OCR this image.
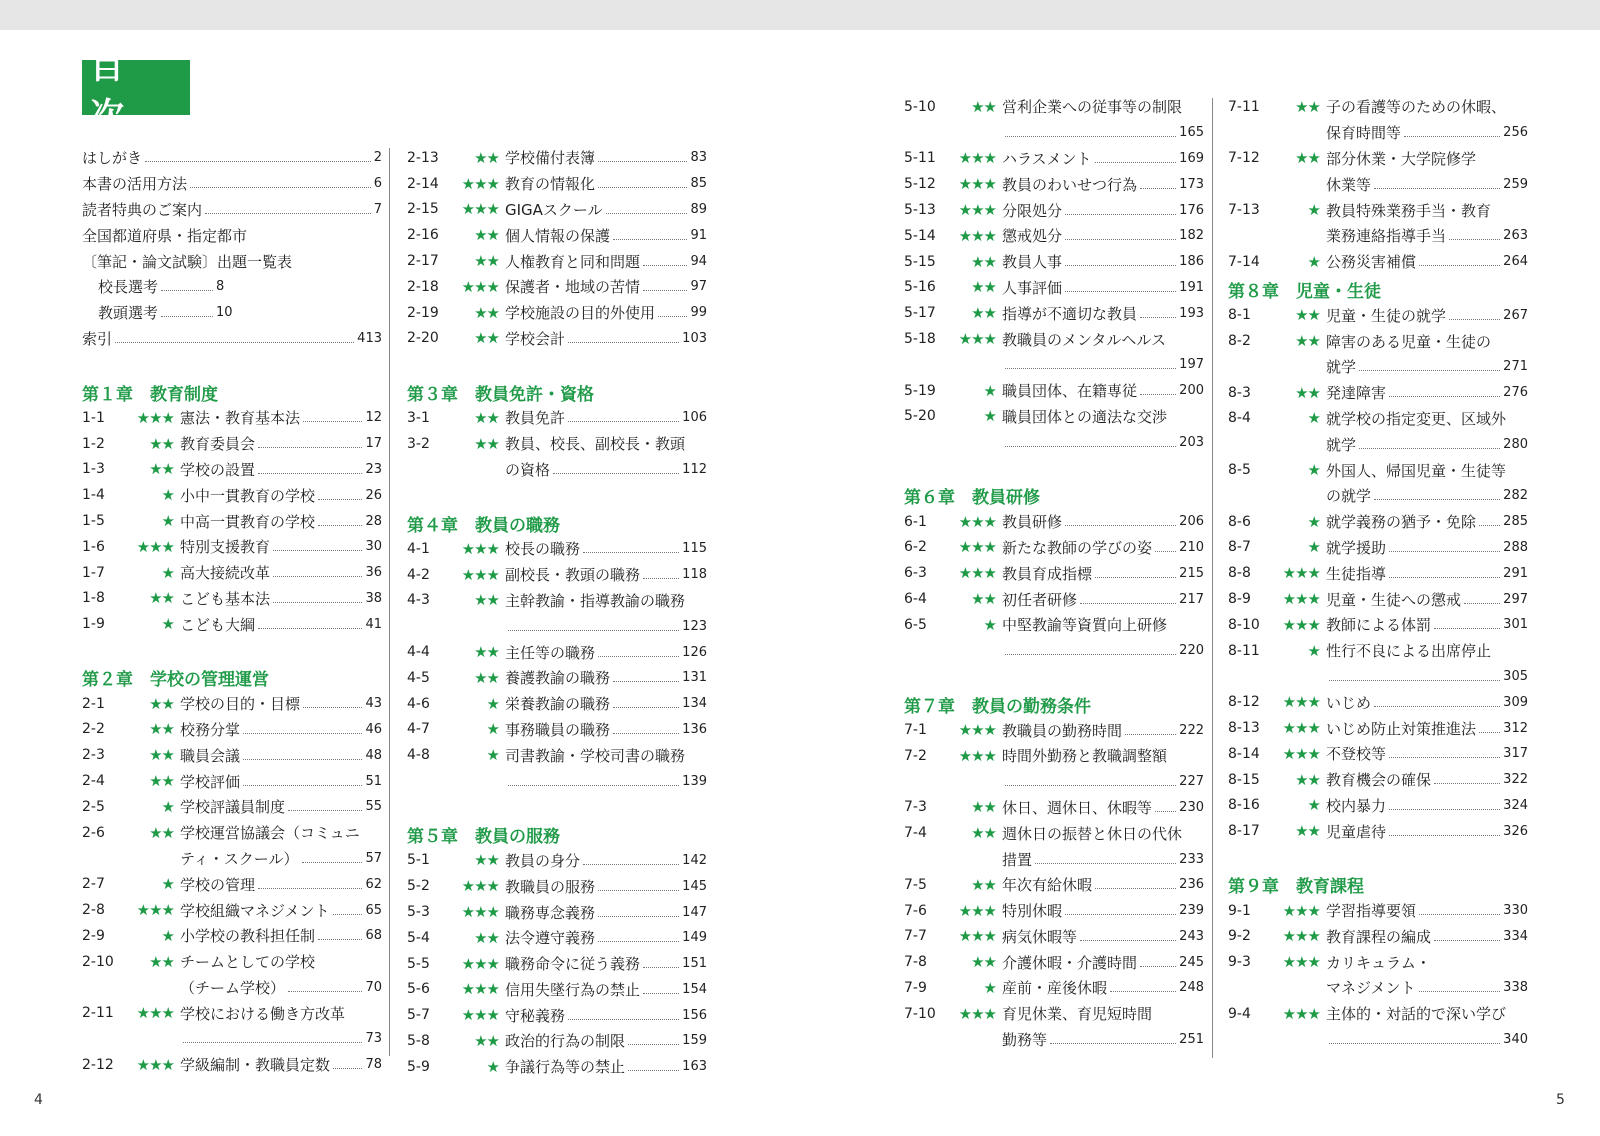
目 次
はしがき	2
本書の活用方法	6
読者特典のご案内	7
全国都道府県・指定都市
〔筆記・論文試験〕出題一覧表
校長選考	8
教頭選考	10
索引	413
第１章　教育制度
1-1	★★★ 憲法・教育基本法	12
1-2	★★ 教育委員会	17
1-3	★★ 学校の設置	23
1-4	★ 小中一貫教育の学校	26
1-5	★ 中高一貫教育の学校	28
1-6	★★★ 特別支援教育	30
1-7	★ 高大接続改革	36
1-8	★★ こども基本法	38
1-9	★ こども大綱	41
第２章　学校の管理運営
2-1	★★ 学校の目的・目標	43
2-2	★★ 校務分掌	46
2-3	★★ 職員会議	48
2-4	★★ 学校評価	51
2-5	★ 学校評議員制度	55
2-6	★★ 学校運営協議会（コミュニ
ティ・スクール）	57
2-7	★ 学校の管理	62
2-8	★★★ 学校組織マネジメント	65
2-9	★ 小学校の教科担任制	68
2-10	★★ チームとしての学校
（チーム学校）	70
2-11	★★★ 学校における働き方改革
73
2-12	★★★ 学級編制・教職員定数	78
2-13	★★ 学校備付表簿	83
2-14	★★★ 教育の情報化	85
2-15	★★★ GIGAスクール	89
2-16	★★ 個人情報の保護	91
2-17	★★ 人権教育と同和問題	94
2-18	★★★ 保護者・地域の苦情	97
2-19	★★ 学校施設の目的外使用	99
2-20	★★ 学校会計	103
第３章　教員免許・資格
3-1	★★ 教員免許	106
3-2	★★ 教員、校長、副校長・教頭
の資格	112
第４章　教員の職務
4-1	★★★ 校長の職務	115
4-2	★★★ 副校長・教頭の職務	118
4-3	★★ 主幹教諭・指導教諭の職務
123
4-4	★★ 主任等の職務	126
4-5	★★ 養護教諭の職務	131
4-6	★ 栄養教諭の職務	134
4-7	★ 事務職員の職務	136
4-8	★ 司書教諭・学校司書の職務
139
第５章　教員の服務
5-1	★★ 教員の身分	142
5-2	★★★ 教職員の服務	145
5-3	★★★ 職務専念義務	147
5-4	★★ 法令遵守義務	149
5-5	★★★ 職務命令に従う義務	151
5-6	★★★ 信用失墜行為の禁止	154
5-7	★★★ 守秘義務	156
5-8	★★ 政治的行為の制限	159
5-9	★ 争議行為等の禁止	163
5-10	★★ 営利企業への従事等の制限
165
5-11	★★★ ハラスメント	169
5-12	★★★ 教員のわいせつ行為	173
5-13	★★★ 分限処分	176
5-14	★★★ 懲戒処分	182
5-15	★★ 教員人事	186
5-16	★★ 人事評価	191
5-17	★★ 指導が不適切な教員	193
5-18	★★★ 教職員のメンタルヘルス
197
5-19	★ 職員団体、在籍専従	200
5-20	★ 職員団体との適法な交渉
203
第６章　教員研修
6-1	★★★ 教員研修	206
6-2	★★★ 新たな教師の学びの姿 210
6-3	★★★ 教員育成指標	215
6-4	★★ 初任者研修	217
6-5	★ 中堅教諭等資質向上研修
220
第７章　教員の勤務条件
7-1	★★★ 教職員の勤務時間	222
7-2	★★★ 時間外勤務と教職調整額
227
7-3	★★ 休日、週休日、休暇等 230
7-4	★★ 週休日の振替と休日の代休
措置	233
7-5	★★ 年次有給休暇	236
7-6	★★★ 特別休暇	239
7-7	★★★ 病気休暇等	243
7-8	★★ 介護休暇・介護時間	245
7-9	★ 産前・産後休暇	248
7-10	★★★ 育児休業、育児短時間
勤務等	251
7-11	★★ 子の看護等のための休暇、
保育時間等	256
7-12	★★ 部分休業・大学院修学
休業等	259
7-13	★ 教員特殊業務手当・教育
業務連絡指導手当	263
7-14	★ 公務災害補償	264
第８章　児童・生徒
8-1	★★ 児童・生徒の就学	267
8-2	★★ 障害のある児童・生徒の
就学	271
8-3	★★ 発達障害	276
8-4	★ 就学校の指定変更、区域外
就学	280
8-5	★ 外国人、帰国児童・生徒等
の就学	282
8-6	★ 就学義務の猶予・免除 285
8-7	★ 就学援助	288
8-8	★★★ 生徒指導	291
8-9	★★★ 児童・生徒への懲戒	297
8-10	★★★ 教師による体罰	301
8-11	★ 性行不良による出席停止
305
8-12	★★★ いじめ	309
8-13	★★★ いじめ防止対策推進法 312
8-14	★★★ 不登校等	317
8-15	★★ 教育機会の確保	322
8-16	★ 校内暴力	324
8-17	★★ 児童虐待	326
第９章　教育課程
9-1	★★★ 学習指導要領	330
9-2	★★★ 教育課程の編成	334
9-3	★★★ カリキュラム・
マネジメント	338
9-4	★★★ 主体的・対話的で深い学び
340
4	5
